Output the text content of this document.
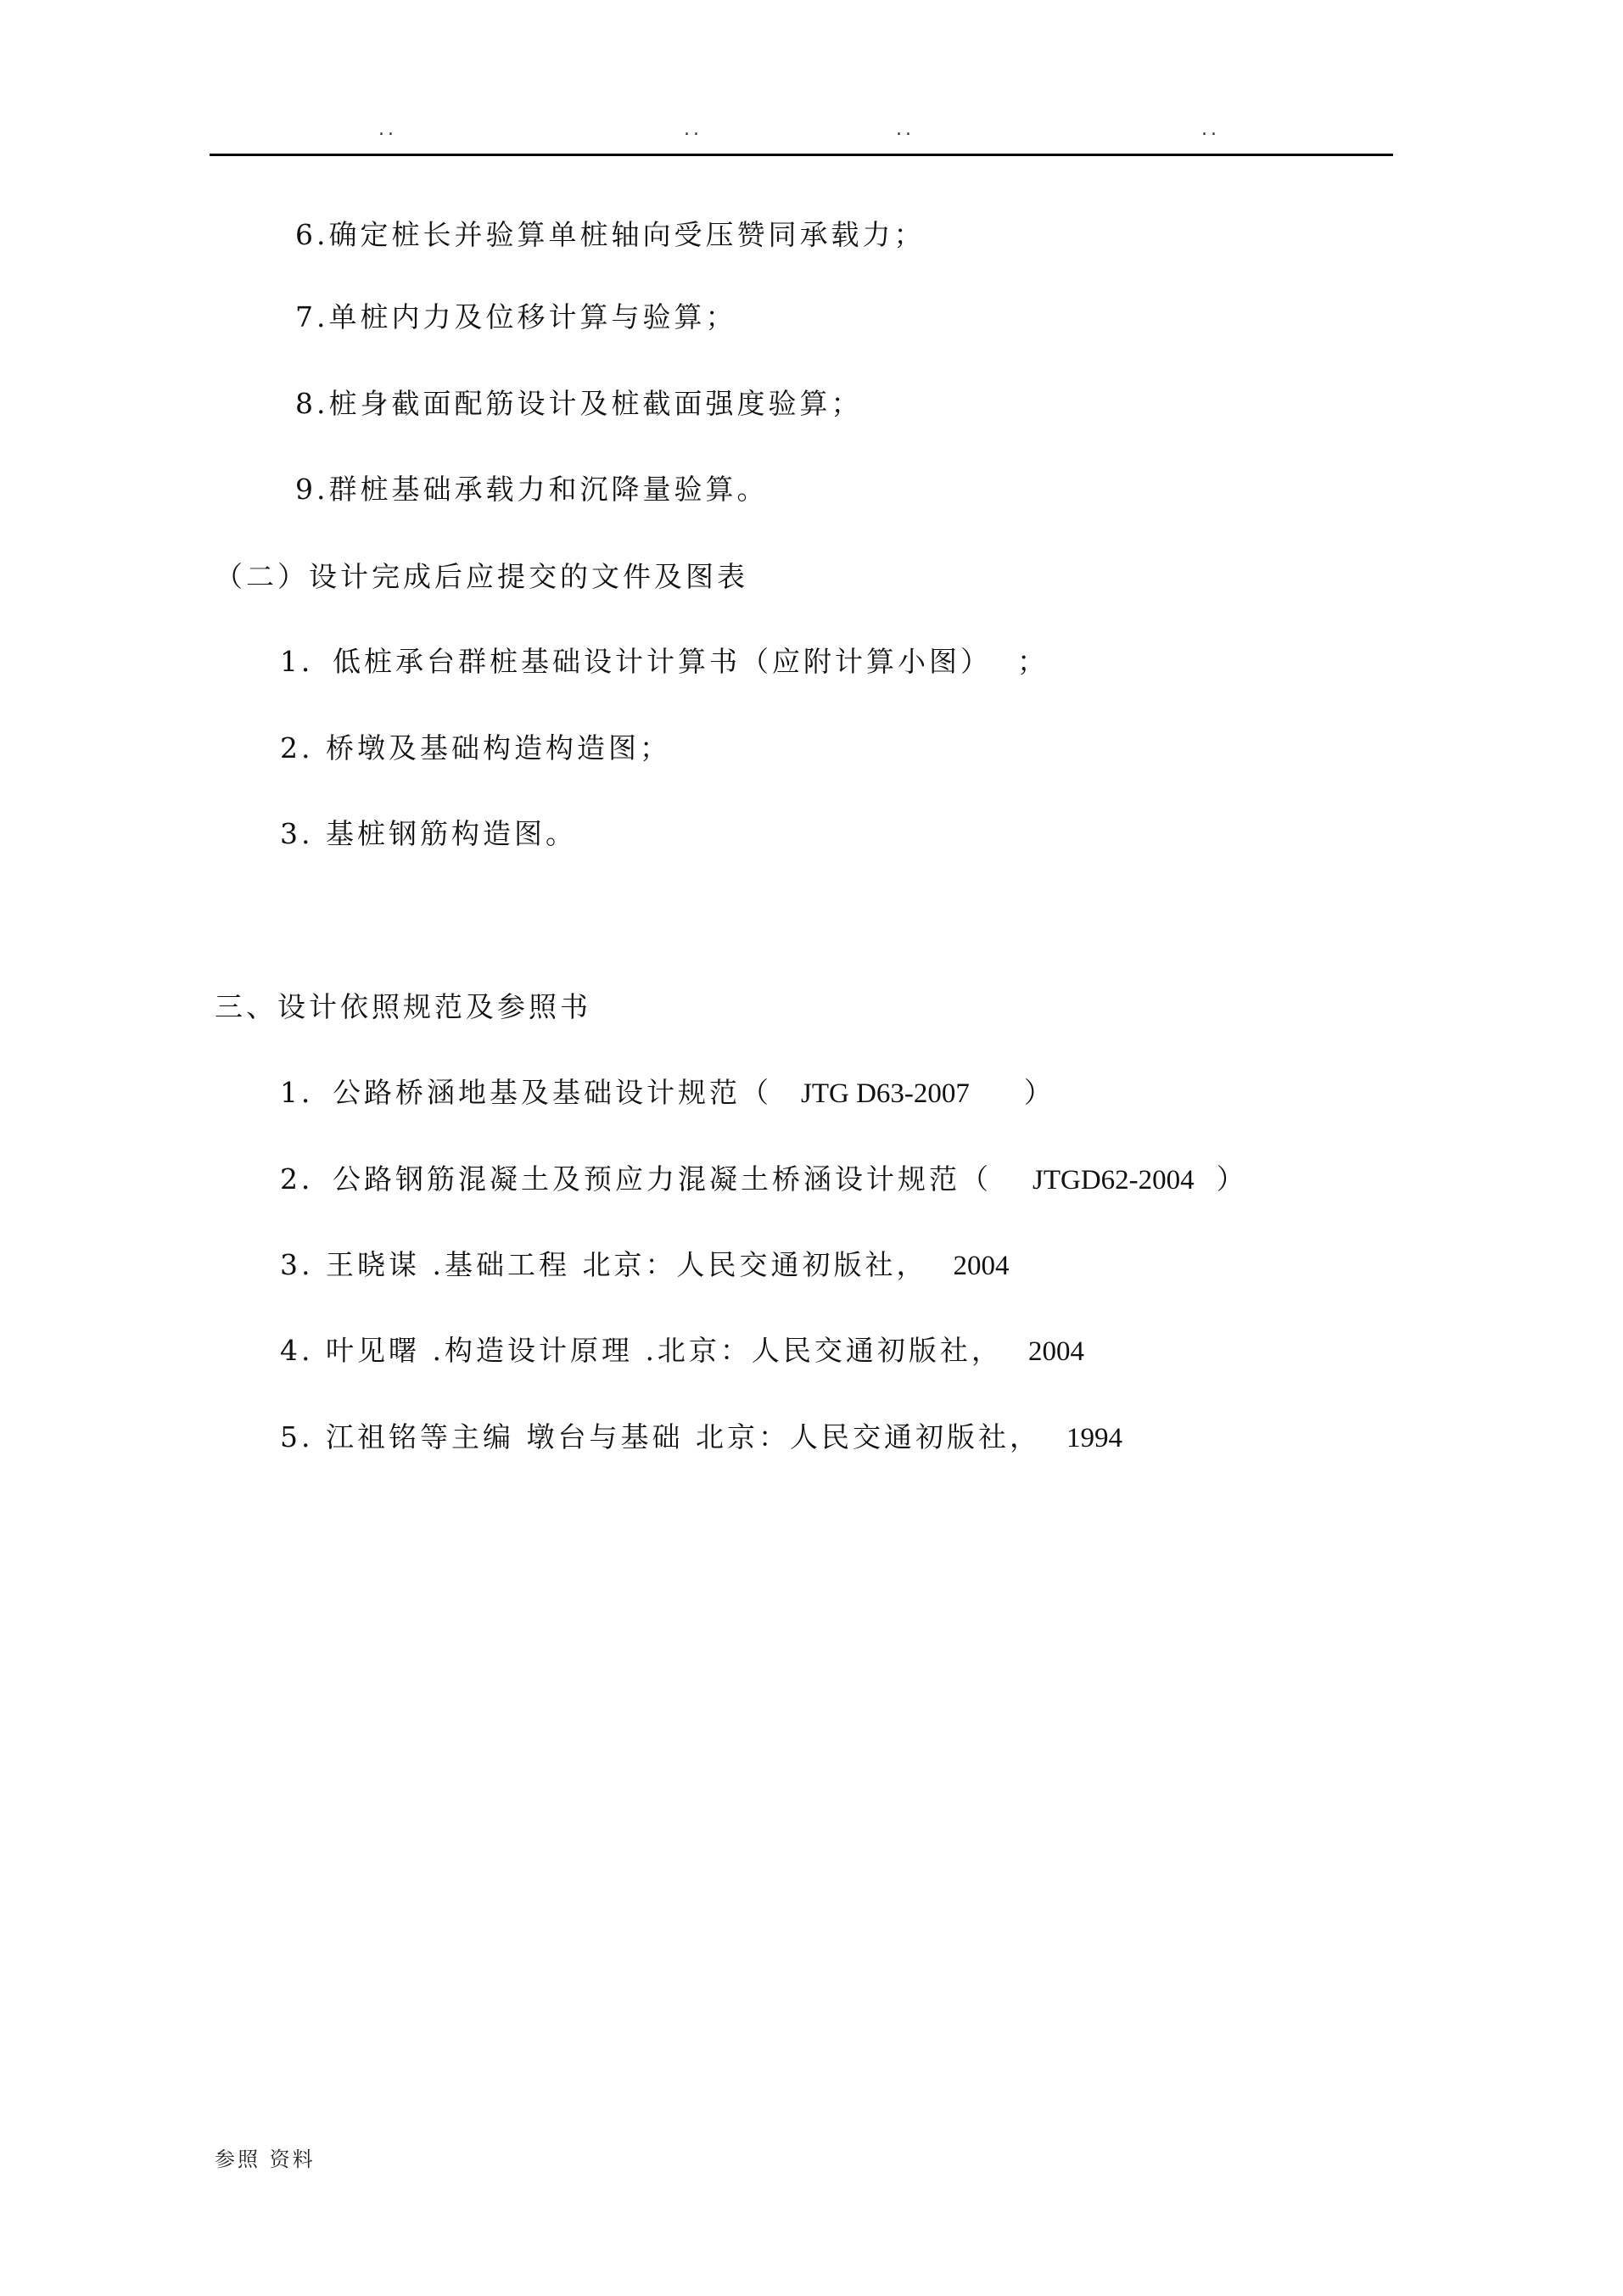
..	..	..	..
6.确定桩长并验算单桩轴向受压赞同承载力；
7.单桩内力及位移计算与验算；
8.桩身截面配筋设计及桩截面强度验算；
9.群桩基础承载力和沉降量验算。
（二）设计完成后应提交的文件及图表
1．低桩承台群桩基础设计计算书（应附计算小图） ；
2. 桥墩及基础构造构造图；
3. 基桩钢筋构造图。
三、设计依照规范及参照书
1．公路桥涵地基及基础设计规范（ JTG D63-2007 ）
2．公路钢筋混凝土及预应力混凝土桥涵设计规范（ JTGD62-2004 ）
3. 王晓谋 .基础工程 北京：人民交通初版社， 2004
4. 叶见曙 .构造设计原理 .北京：人民交通初版社， 2004
5. 江祖铭等主编 墩台与基础 北京：人民交通初版社， 1994
参照 资料
